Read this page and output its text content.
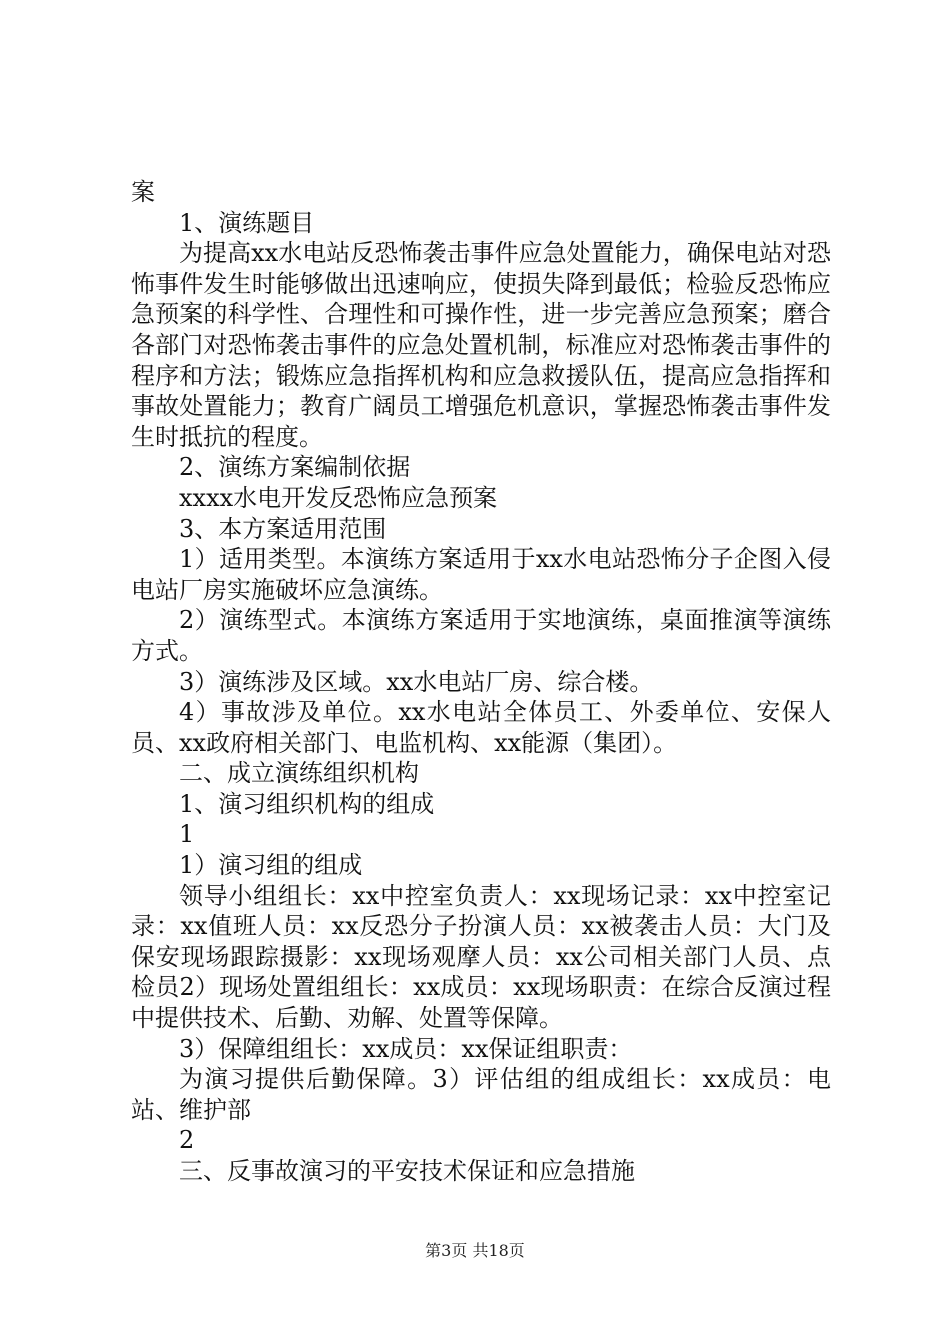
案

1、演练题目

为提高xx水电站反恐怖袭击事件应急处置能力，确保电站对恐怖事件发生时能够做出迅速响应，使损失降到最低；检验反恐怖应急预案的科学性、合理性和可操作性，进一步完善应急预案；磨合各部门对恐怖袭击事件的应急处置机制，标准应对恐怖袭击事件的程序和方法；锻炼应急指挥机构和应急救援队伍，提高应急指挥和事故处置能力；教育广阔员工增强危机意识，掌握恐怖袭击事件发生时抵抗的程度。

2、演练方案编制依据

xxxx水电开发反恐怖应急预案

3、本方案适用范围

1）适用类型。本演练方案适用于xx水电站恐怖分子企图入侵电站厂房实施破坏应急演练。

2）演练型式。本演练方案适用于实地演练，桌面推演等演练方式。

3）演练涉及区域。xx水电站厂房、综合楼。

4）事故涉及单位。xx水电站全体员工、外委单位、安保人员、xx政府相关部门、电监机构、xx能源（集团）。

二、成立演练组织机构

1、演习组织机构的组成

1

1）演习组的组成

领导小组组长：xx中控室负责人：xx现场记录：xx中控室记录：xx值班人员：xx反恐分子扮演人员：xx被袭击人员：大门及保安现场跟踪摄影：xx现场观摩人员：xx公司相关部门人员、点检员2）现场处置组组长：xx成员：xx现场职责：在综合反演过程中提供技术、后勤、劝解、处置等保障。

3）保障组组长：xx成员：xx保证组职责：

为演习提供后勤保障。3）评估组的组成组长：xx成员：电站、维护部

2

三、反事故演习的平安技术保证和应急措施

第3页 共18页
